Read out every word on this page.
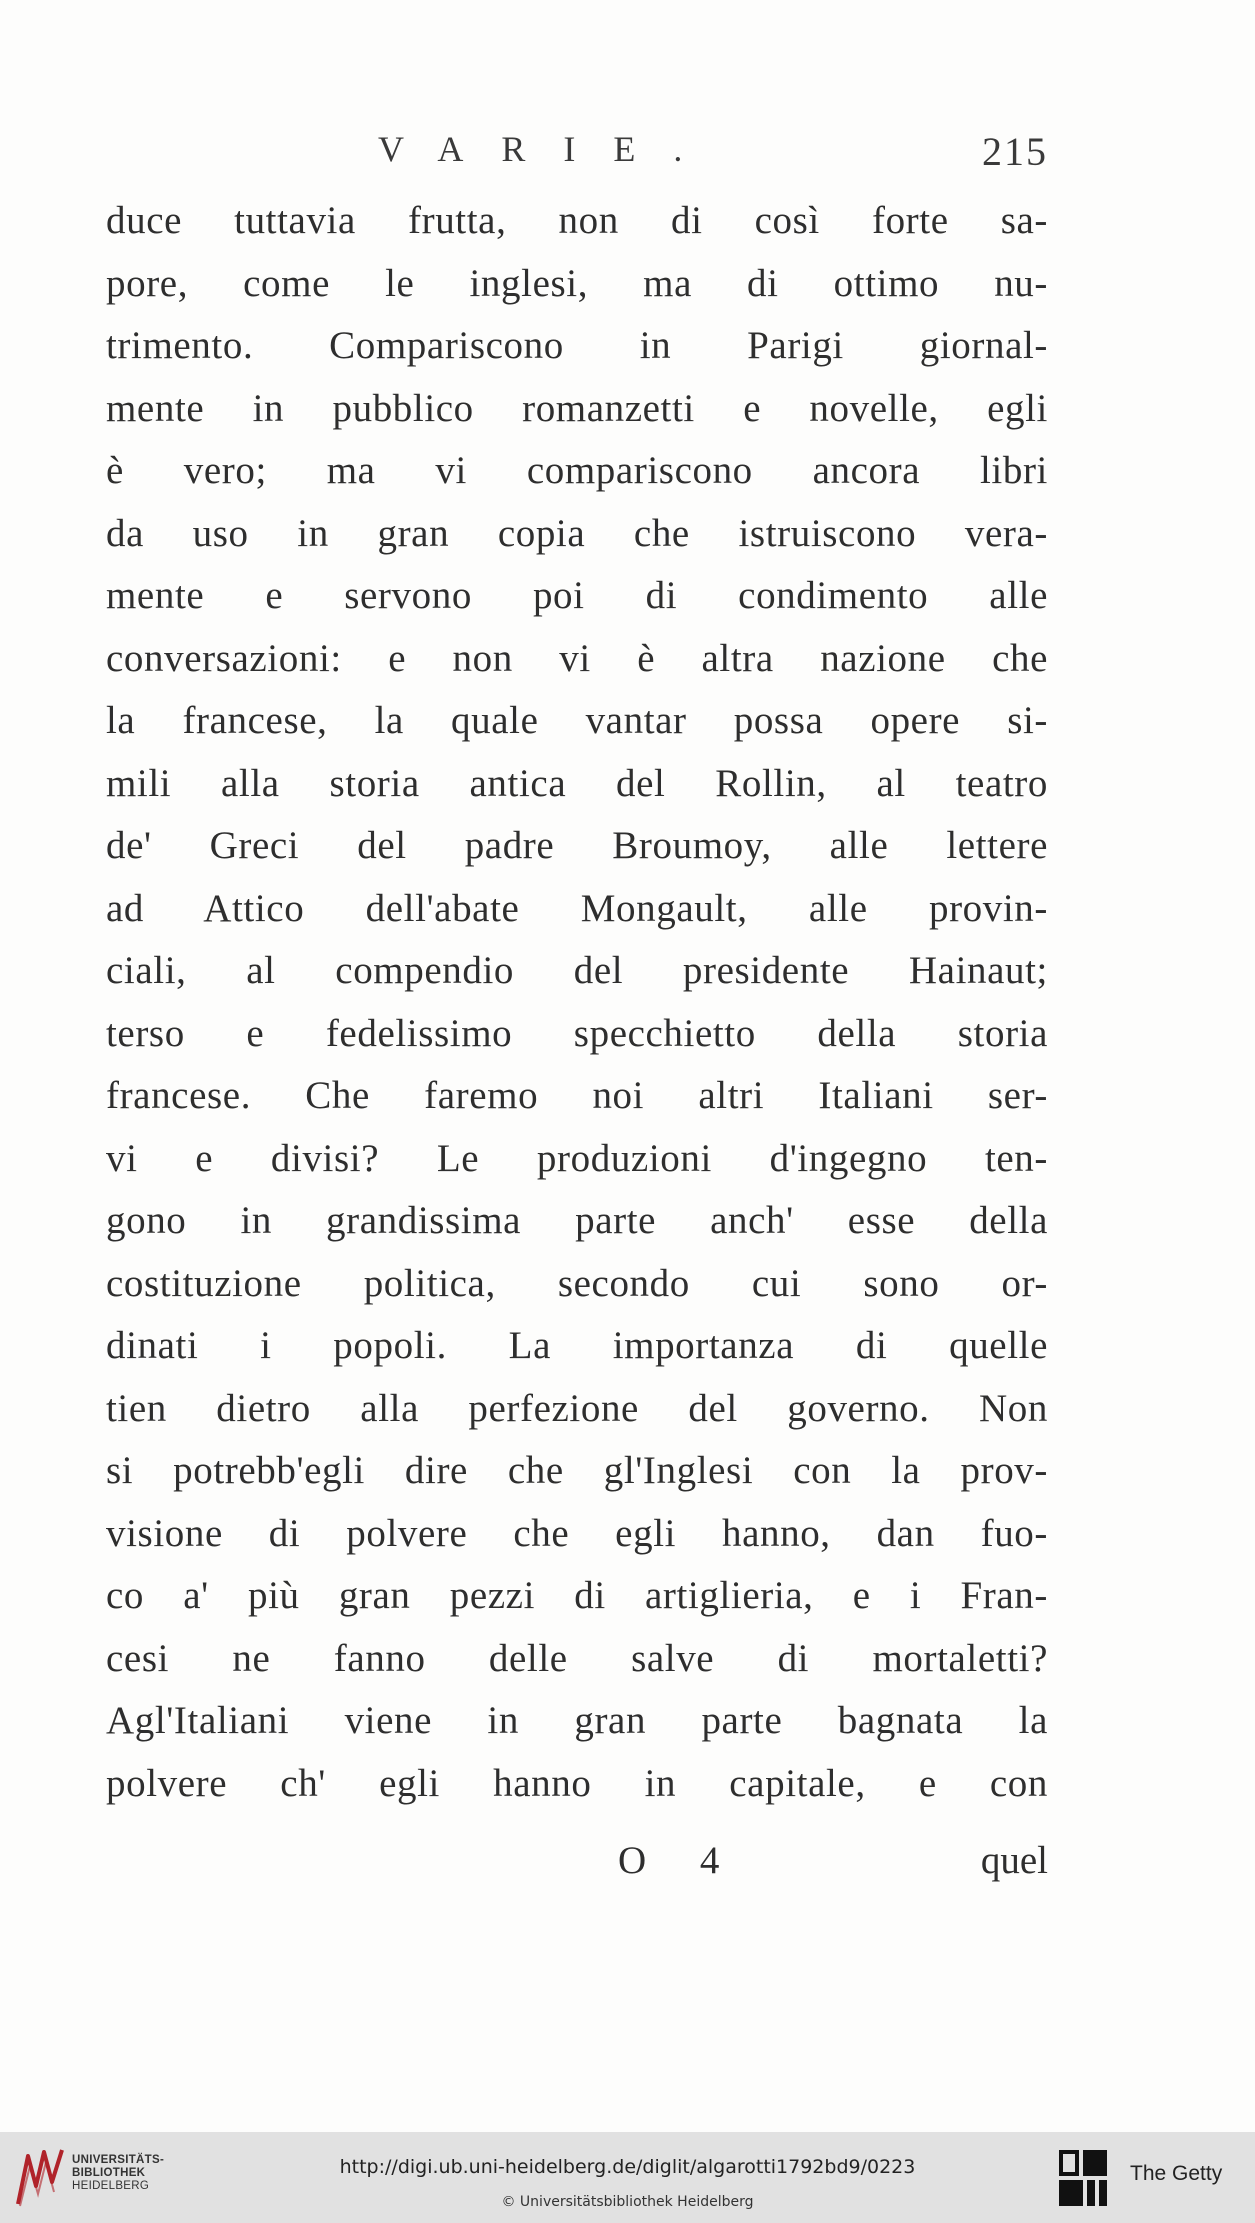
VARIE.	215
duce tuttavia frutta, non di così forte sa-
pore, come le inglesi, ma di ottimo nu-
trimento. Compariscono in Parigi giornal-
mente in pubblico romanzetti e novelle, egli
è vero; ma vi compariscono ancora libri
da uso in gran copia che istruiscono vera-
mente e servono poi di condimento alle
conversazioni: e non vi è altra nazione che
la francese, la quale vantar possa opere si-
mili alla storia antica del Rollin, al teatro
de' Greci del padre Broumoy, alle lettere
ad Attico dell'abate Mongault, alle provin-
ciali, al compendio del presidente Hainaut;
terso e fedelissimo specchietto della storia
francese. Che faremo noi altri Italiani ser-
vi e divisi? Le produzioni d'ingegno ten-
gono in grandissima parte anch' esse della
costituzione politica, secondo cui sono or-
dinati i popoli. La importanza di quelle
tien dietro alla perfezione del governo. Non
si potrebb'egli dire che gl'Inglesi con la prov-
visione di polvere che egli hanno, dan fuo-
co a' più gran pezzi di artiglieria, e i Fran-
cesi ne fanno delle salve di mortaletti?
Agl'Italiani viene in gran parte bagnata la
polvere ch' egli hanno in capitale, e con
O 4	quel
UNIVERSITÄTS-
BIBLIOTHEK
HEIDELBERG
http://digi.ub.uni-heidelberg.de/diglit/algarotti1792bd9/0223
© Universitätsbibliothek Heidelberg
The Getty
